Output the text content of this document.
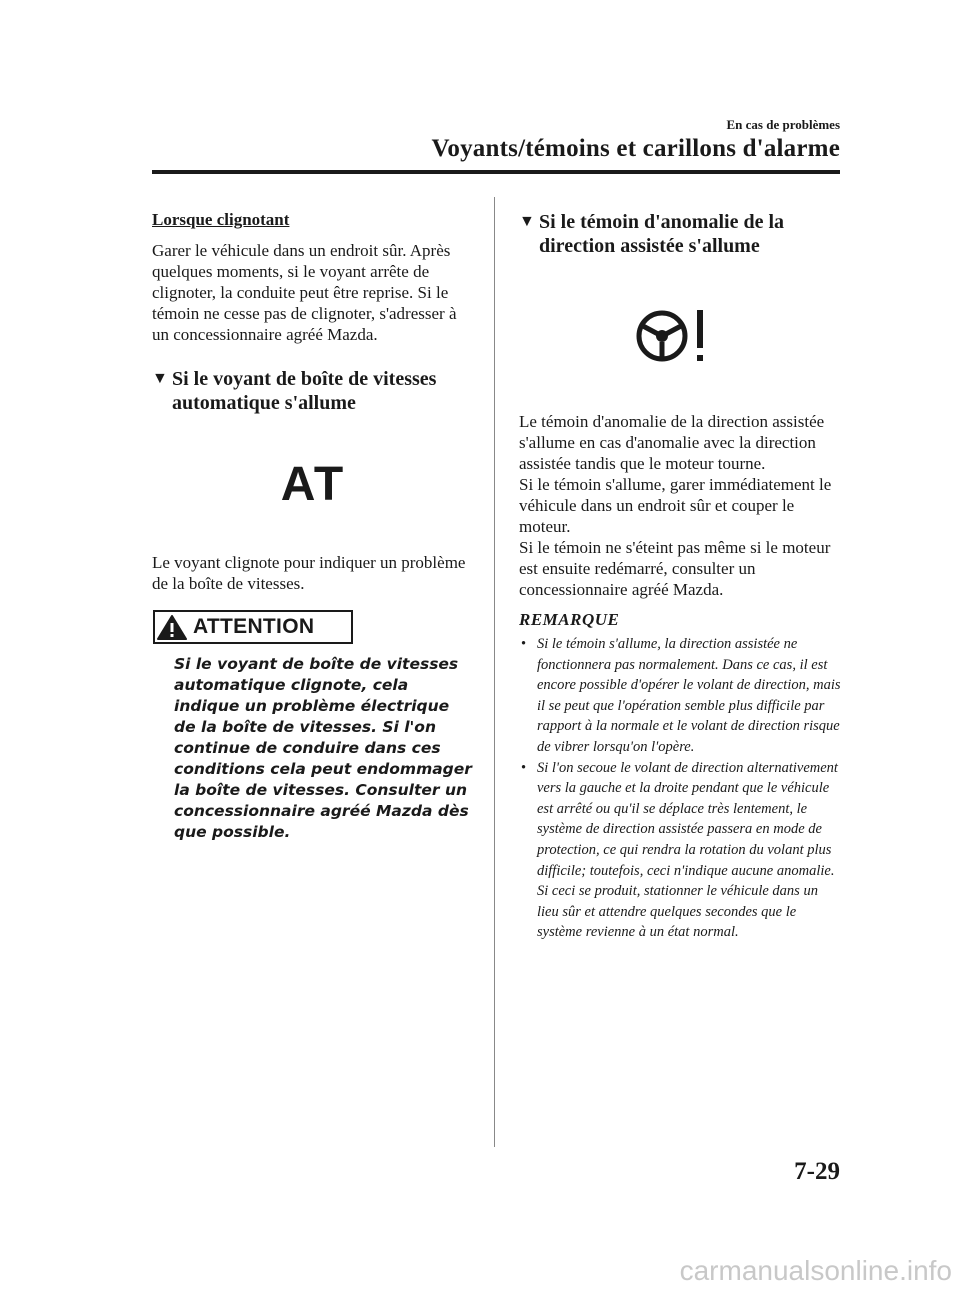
En cas de problèmes
Voyants/témoins et carillons d'alarme
Lorsque clignotant

Garer le véhicule dans un endroit sûr. Après quelques moments, si le voyant arrête de clignoter, la conduite peut être reprise. Si le témoin ne cesse pas de clignoter, s'adresser à un concessionnaire agréé Mazda.

▼ Si le voyant de boîte de vitesses automatique s'allume
AT

Le voyant clignote pour indiquer un problème de la boîte de vitesses.

ATTENTION

Si le voyant de boîte de vitesses automatique clignote, cela indique un problème électrique de la boîte de vitesses. Si l'on continue de conduire dans ces conditions cela peut endommager la boîte de vitesses. Consulter un concessionnaire agréé Mazda dès que possible.

▼ Si le témoin d'anomalie de la direction assistée s'allume

Le témoin d'anomalie de la direction assistée s'allume en cas d'anomalie avec la direction assistée tandis que le moteur tourne.

Si le témoin s'allume, garer immédiatement le véhicule dans un endroit sûr et couper le moteur.

Si le témoin ne s'éteint pas même si le moteur est ensuite redémarré, consulter un concessionnaire agréé Mazda.

REMARQUE
• Si le témoin s'allume, la direction assistée ne fonctionnera pas normalement. Dans ce cas, il est encore possible d'opérer le volant de direction, mais il se peut que l'opération semble plus difficile par rapport à la normale et le volant de direction risque de vibrer lorsqu'on l'opère.
• Si l'on secoue le volant de direction alternativement vers la gauche et la droite pendant que le véhicule est arrêté ou qu'il se déplace très lentement, le système de direction assistée passera en mode de protection, ce qui rendra la rotation du volant plus difficile; toutefois, ceci n'indique aucune anomalie. Si ceci se produit, stationner le véhicule dans un lieu sûr et attendre quelques secondes que le système revienne à un état normal.
7-29
carmanualsonline.info
